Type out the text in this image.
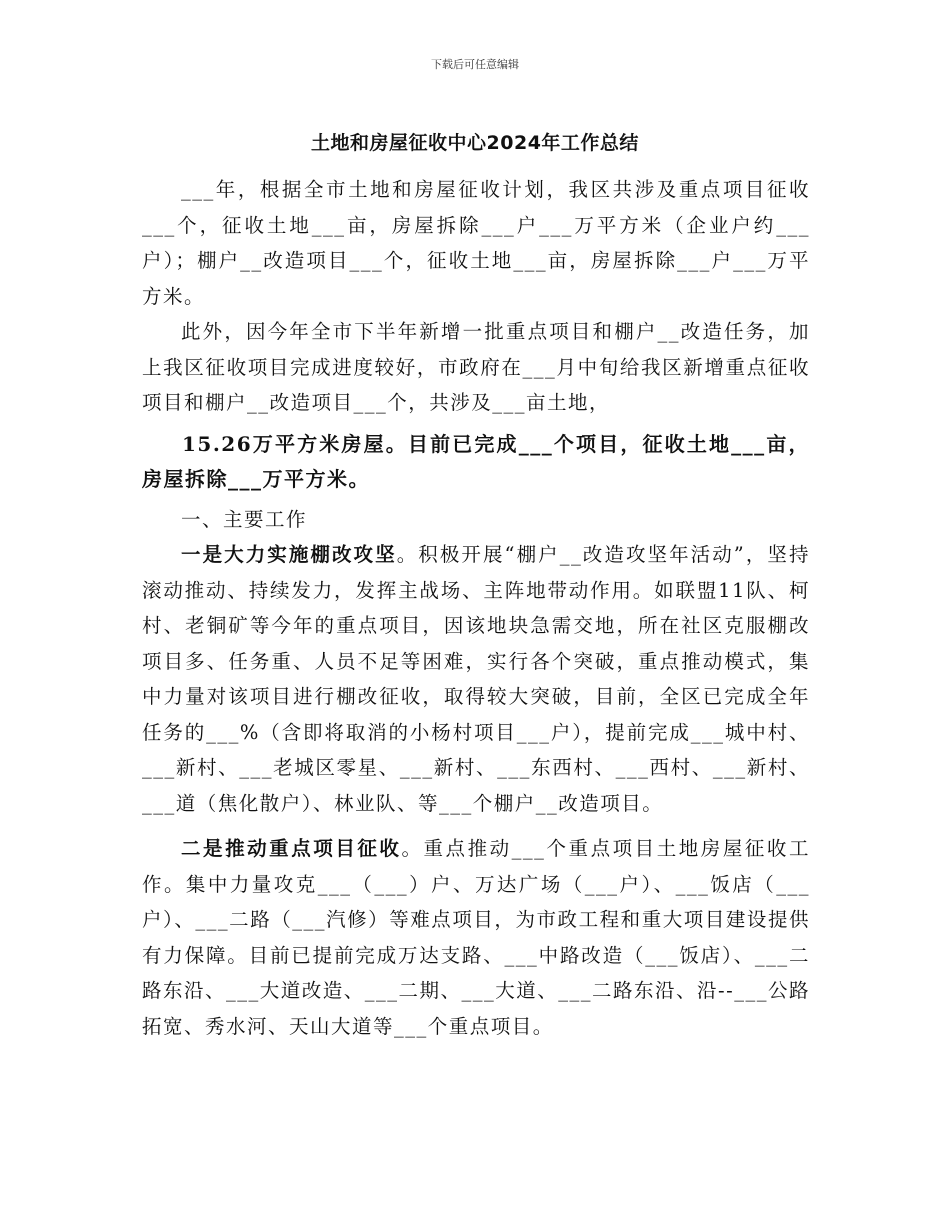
下载后可任意编辑
土地和房屋征收中心2024年工作总结

___年，根据全市土地和房屋征收计划，我区共涉及重点项目征收___个，征收土地___亩，房屋拆除___户___万平方米（企业户约___户）；棚户__改造项目___个，征收土地___亩，房屋拆除___户___万平方米。

此外，因今年全市下半年新增一批重点项目和棚户__改造任务，加上我区征收项目完成进度较好，市政府在___月中旬给我区新增重点征收项目和棚户__改造项目___个，共涉及___亩土地，

15.26万平方米房屋。目前已完成___个项目，征收土地___亩，房屋拆除___万平方米。

一、主要工作

一是大力实施棚改攻坚。积极开展“棚户__改造攻坚年活动”，坚持滚动推动、持续发力，发挥主战场、主阵地带动作用。如联盟11队、柯村、老铜矿等今年的重点项目，因该地块急需交地，所在社区克服棚改项目多、任务重、人员不足等困难，实行各个突破，重点推动模式，集中力量对该项目进行棚改征收，取得较大突破，目前，全区已完成全年任务的___%（含即将取消的小杨村项目___户），提前完成___城中村、___新村、___老城区零星、___新村、___东西村、___西村、___新村、___道（焦化散户）、林业队、等___个棚户__改造项目。

二是推动重点项目征收。重点推动___个重点项目土地房屋征收工作。集中力量攻克___（___）户、万达广场（___户）、___饭店（___户）、___二路（___汽修）等难点项目，为市政工程和重大项目建设提供有力保障。目前已提前完成万达支路、___中路改造（___饭店）、___二路东沿、___大道改造、___二期、___大道、___二路东沿、沿--___公路拓宽、秀水河、天山大道等___个重点项目。
